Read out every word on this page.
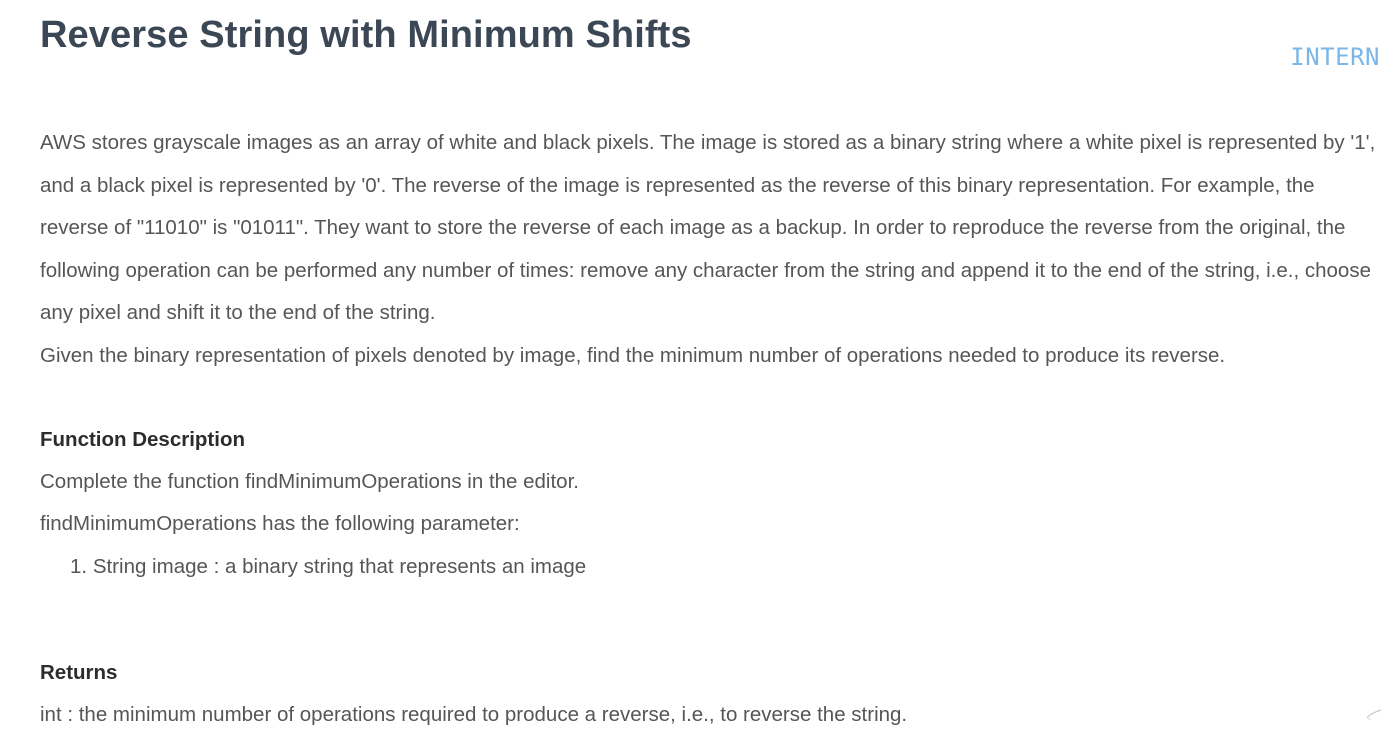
Reverse String with Minimum Shifts
INTERN

AWS stores grayscale images as an array of white and black pixels. The image is stored as a binary string where a white pixel is represented by '1', and a black pixel is represented by '0'. The reverse of the image is represented as the reverse of this binary representation. For example, the reverse of "11010" is "01011". They want to store the reverse of each image as a backup. In order to reproduce the reverse from the original, the following operation can be performed any number of times: remove any character from the string and append it to the end of the string, i.e., choose any pixel and shift it to the end of the string.

Given the binary representation of pixels denoted by image, find the minimum number of operations needed to produce its reverse.

Function Description

Complete the function findMinimumOperations in the editor.

findMinimumOperations has the following parameter:

1. String image : a binary string that represents an image
Returns

int : the minimum number of operations required to produce a reverse, i.e., to reverse the string.
